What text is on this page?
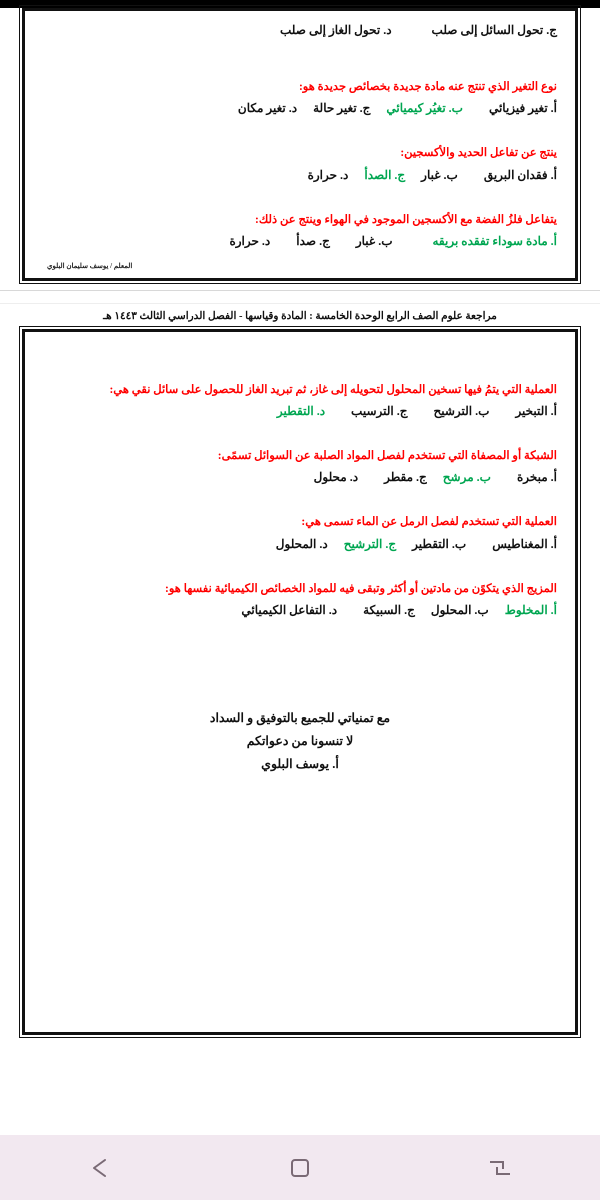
ج. تحول السائل إلى صلب  د. تحول الغاز إلى صلب

نوع التغير الذي تنتج عنه مادة جديدة بخصائص جديدة هو:

أ. تغير فيزيائي  ب. تغيُر كيميائي  ج. تغير حالة  د. تغير مكان

ينتج عن تفاعل الحديد والأكسجين:

أ. فقدان البريق  ب. غبار  ج. الصدأ  د. حرارة

يتفاعل فلزُ الفضة مع الأكسجين الموجود في الهواء وينتج عن ذلك:

أ. مادة سوداء تفقده بريقه  ب. غبار  ج. صدأ  د. حرارة
المعلم / يوسف سليمان البلوي
مراجعة علوم الصف الرابع الوحدة الخامسة : المادة وقياسها - الفصل الدراسي الثالث ١٤٤٣ هـ

العملية التي يتمُ فيها تسخين المحلول لتحويله إلى غاز، ثم تبريد الغاز للحصول على سائل نقي هي:

أ. التبخير  ب. الترشيح  ج. الترسيب  د. التقطير

الشبكة أو المصفاة التي تستخدم لفصل المواد الصلبة عن السوائل تسمًى:

أ. مبخرة  ب. مرشح  ج. مقطر  د. محلول

العملية التي تستخدم لفصل الرمل عن الماء تسمى هي:

أ. المغناطيس  ب. التقطير  ج. الترشيح  د. المحلول

المزيج الذي يتكوًن من مادتين أو أكثر وتبقى فيه للمواد الخصائص الكيميائية نفسها هو:

أ. المخلوط  ب. المحلول  ج. السبيكة  د. التفاعل الكيميائي
مع تمنياتي للجميع بالتوفيق و السداد
لا تنسونا من دعواتكم
أ. يوسف البلوي
